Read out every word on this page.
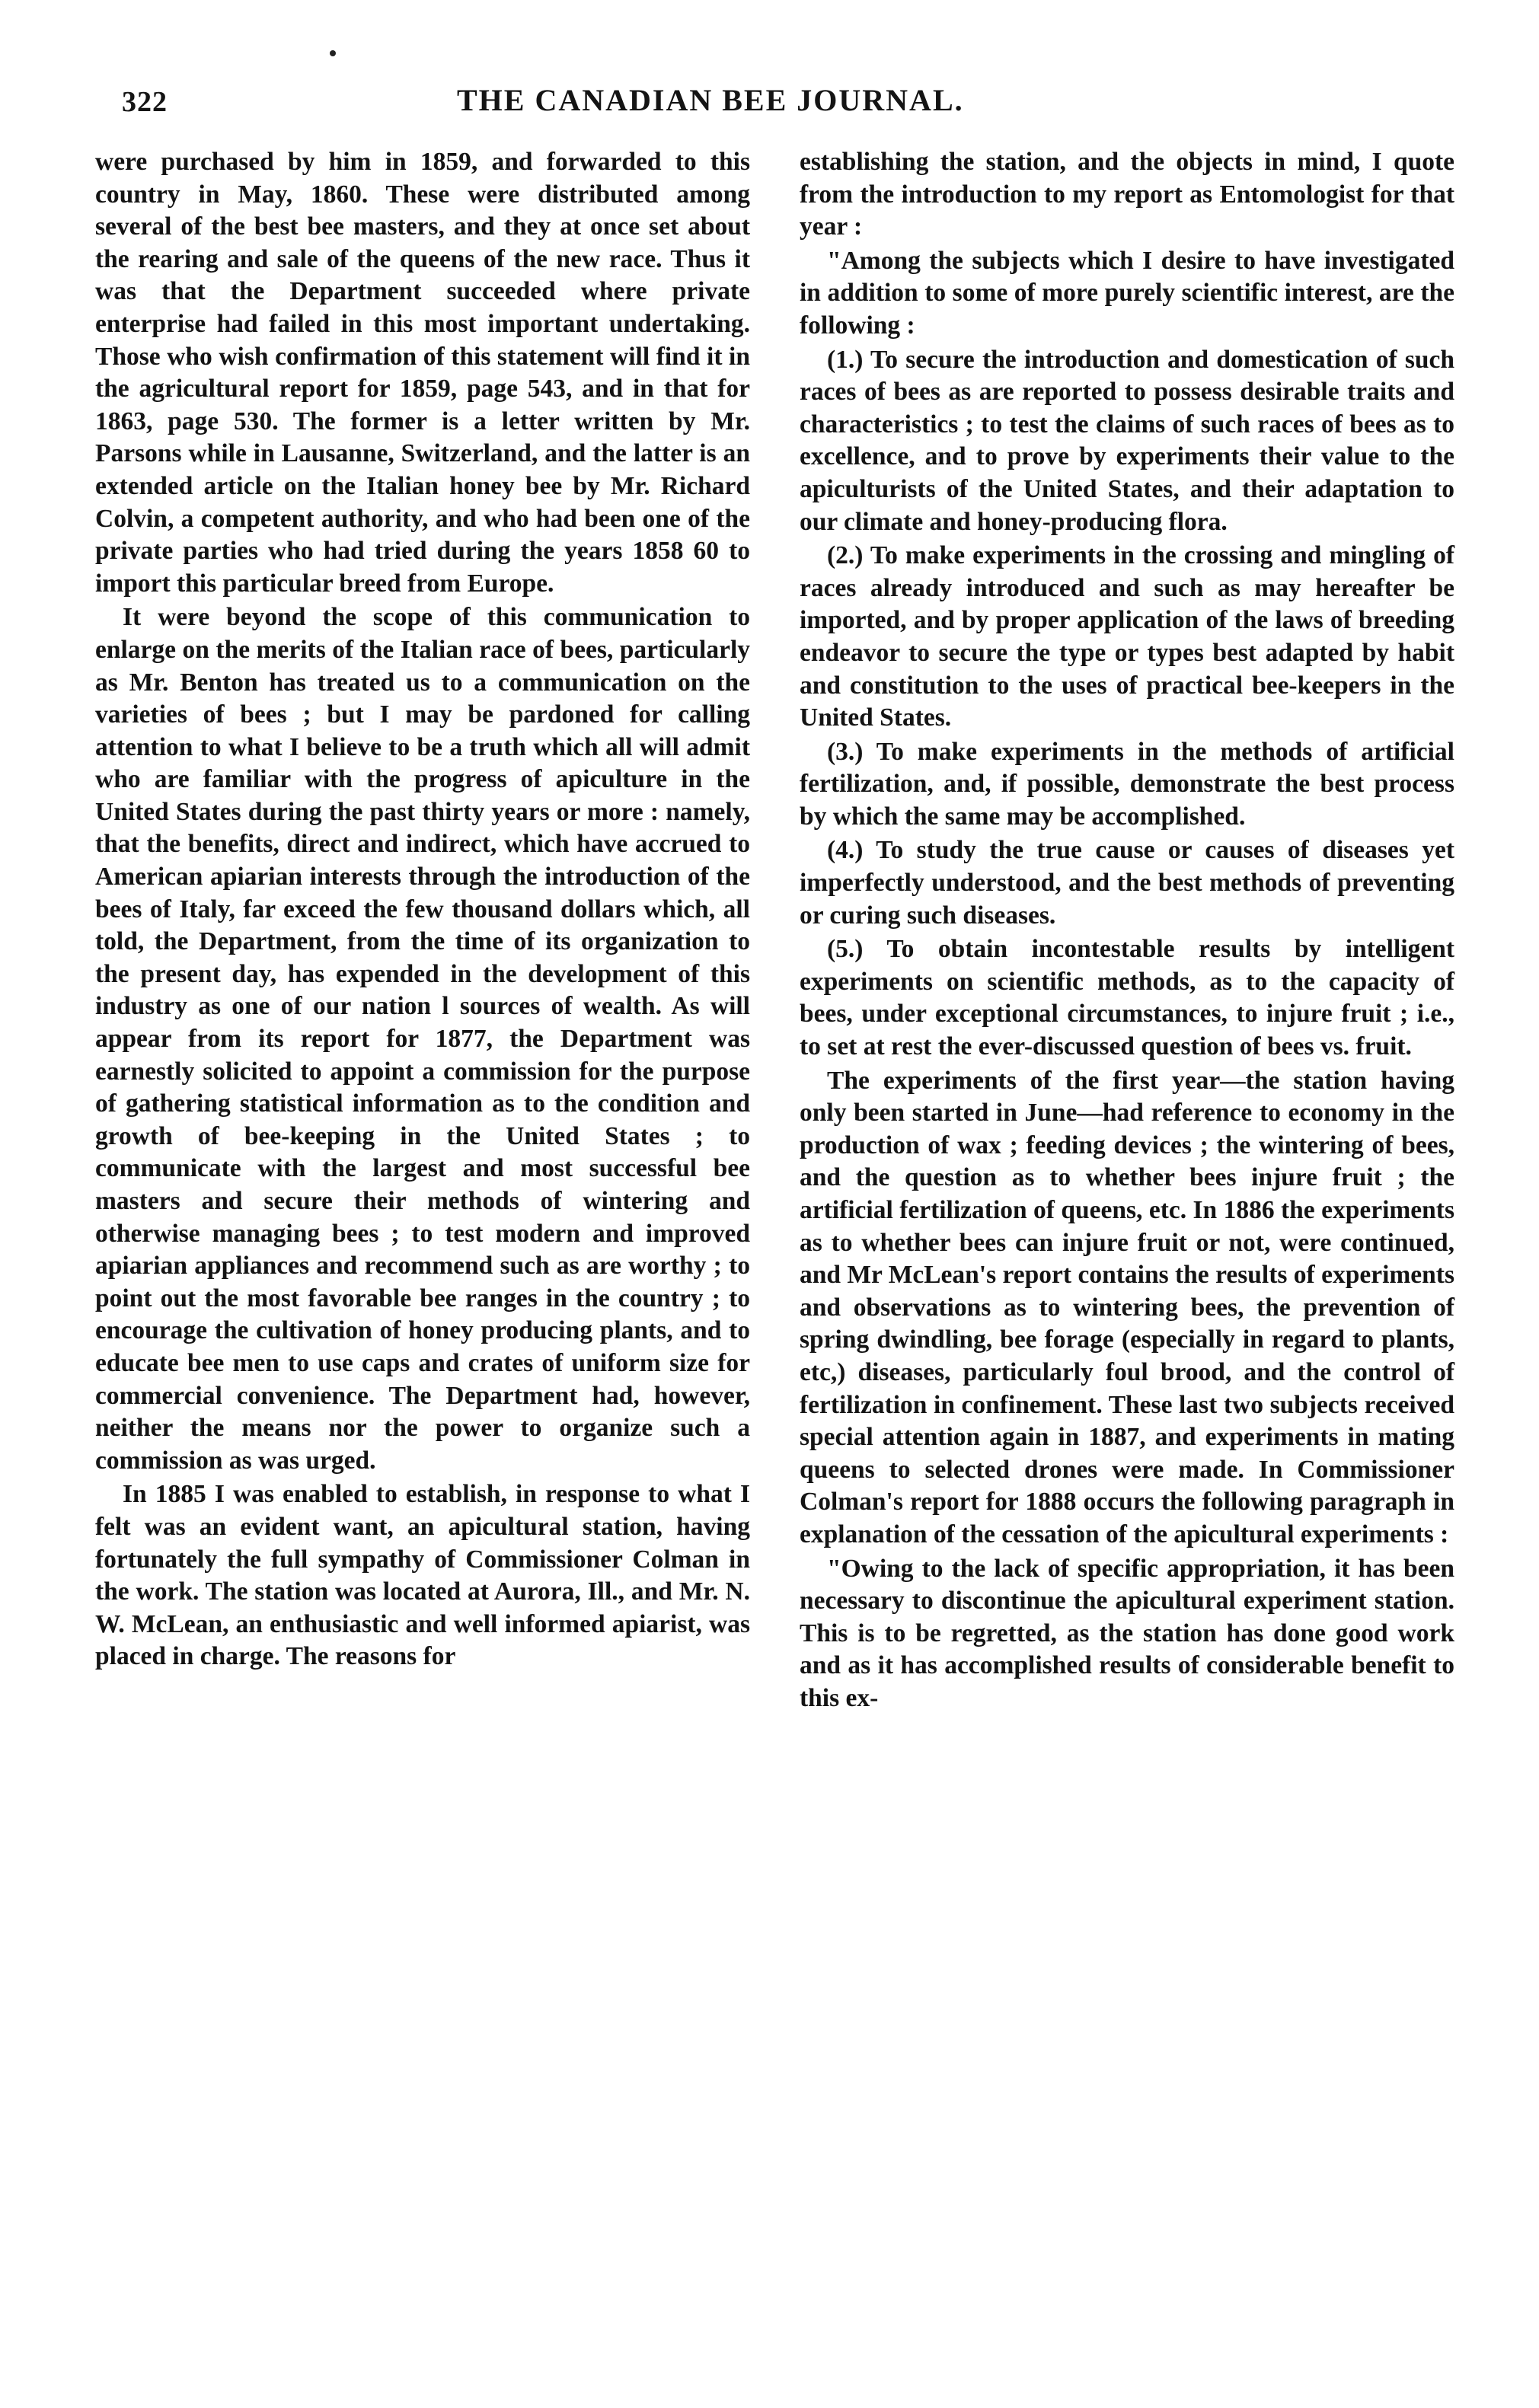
322	THE CANADIAN BEE JOURNAL.

were purchased by him in 1859, and forwarded to this country in May, 1860. These were distributed among several of the best bee masters, and they at once set about the rearing and sale of the queens of the new race. Thus it was that the Department succeeded where private enterprise had failed in this most important undertaking. Those who wish confirmation of this statement will find it in the agricultural report for 1859, page 543, and in that for 1863, page 530. The former is a letter written by Mr. Parsons while in Lausanne, Switzerland, and the latter is an extended article on the Italian honey bee by Mr. Richard Colvin, a competent authority, and who had been one of the private parties who had tried during the years 1858 60 to import this particular breed from Europe.

It were beyond the scope of this communication to enlarge on the merits of the Italian race of bees, particularly as Mr. Benton has treated us to a communication on the varieties of bees ; but I may be pardoned for calling attention to what I believe to be a truth which all will admit who are familiar with the progress of apiculture in the United States during the past thirty years or more : namely, that the benefits, direct and indirect, which have accrued to American apiarian interests through the introduction of the bees of Italy, far exceed the few thousand dollars which, all told, the Department, from the time of its organization to the present day, has expended in the development of this industry as one of our nation l sources of wealth. As will appear from its report for 1877, the Department was earnestly solicited to appoint a commission for the purpose of gathering statistical information as to the condition and growth of bee-keeping in the United States ; to communicate with the largest and most successful bee masters and secure their methods of wintering and otherwise managing bees ; to test modern and improved apiarian appliances and recommend such as are worthy ; to point out the most favorable bee ranges in the country ; to encourage the cultivation of honey producing plants, and to educate bee men to use caps and crates of uniform size for commercial convenience. The Department had, however, neither the means nor the power to organize such a commission as was urged.

In 1885 I was enabled to establish, in response to what I felt was an evident want, an apicultural station, having fortunately the full sympathy of Commissioner Colman in the work. The station was located at Aurora, Ill., and Mr. N. W. McLean, an enthusiastic and well informed apiarist, was placed in charge. The reasons for

establishing the station, and the objects in mind, I quote from the introduction to my report as Entomologist for that year :

"Among the subjects which I desire to have investigated in addition to some of more purely scientific interest, are the following :

(1.) To secure the introduction and domestication of such races of bees as are reported to possess desirable traits and characteristics ; to test the claims of such races of bees as to excellence, and to prove by experiments their value to the apiculturists of the United States, and their adaptation to our climate and honey-producing flora.

(2.) To make experiments in the crossing and mingling of races already introduced and such as may hereafter be imported, and by proper application of the laws of breeding endeavor to secure the type or types best adapted by habit and constitution to the uses of practical bee-keepers in the United States.

(3.) To make experiments in the methods of artificial fertilization, and, if possible, demonstrate the best process by which the same may be accomplished.

(4.) To study the true cause or causes of diseases yet imperfectly understood, and the best methods of preventing or curing such diseases.

(5.) To obtain incontestable results by intelligent experiments on scientific methods, as to the capacity of bees, under exceptional circumstances, to injure fruit ; i.e., to set at rest the ever-discussed question of bees vs. fruit.

The experiments of the first year—the station having only been started in June—had reference to economy in the production of wax ; feeding devices ; the wintering of bees, and the question as to whether bees injure fruit ; the artificial fertilization of queens, etc. In 1886 the experiments as to whether bees can injure fruit or not, were continued, and Mr McLean's report contains the results of experiments and observations as to wintering bees, the prevention of spring dwindling, bee forage (especially in regard to plants, etc,) diseases, particularly foul brood, and the control of fertilization in confinement. These last two subjects received special attention again in 1887, and experiments in mating queens to selected drones were made. In Commissioner Colman's report for 1888 occurs the following paragraph in explanation of the cessation of the apicultural experiments :

"Owing to the lack of specific appropriation, it has been necessary to discontinue the apicultural experiment station. This is to be regretted, as the station has done good work and as it has accomplished results of considerable benefit to this ex-
